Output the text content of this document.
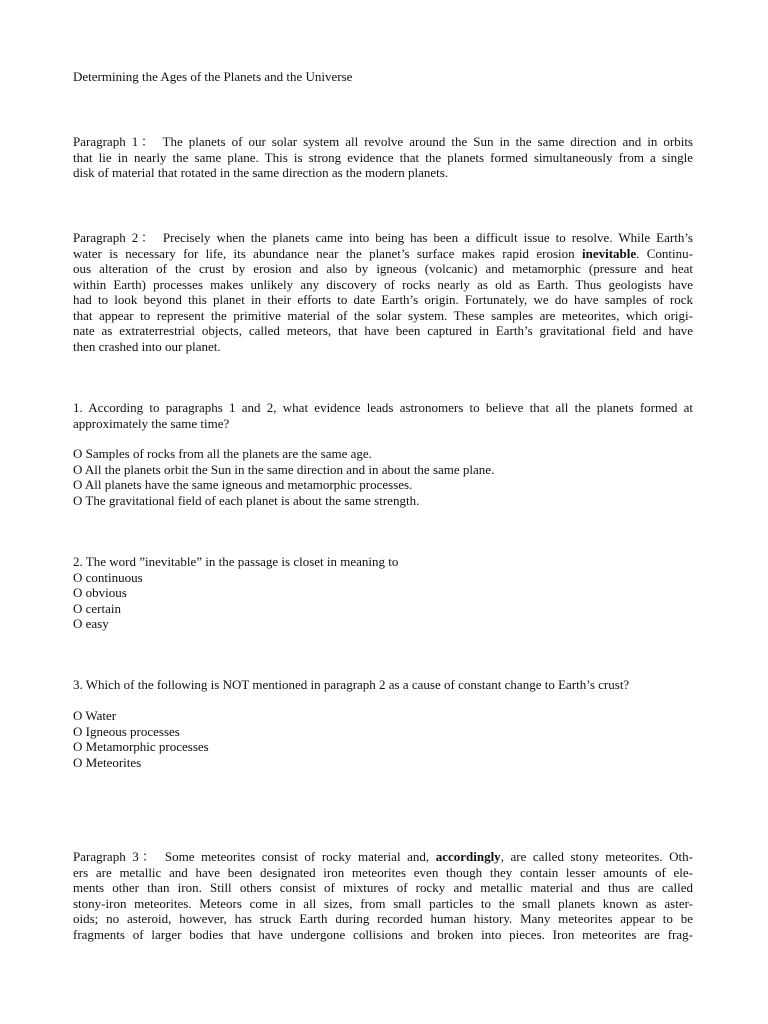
Determining the Ages of the Planets and the Universe
Paragraph 1： The planets of our solar system all revolve around the Sun in the same direction and in orbits
that lie in nearly the same plane. This is strong evidence that the planets formed simultaneously from a single
disk of material that rotated in the same direction as the modern planets.
Paragraph 2： Precisely when the planets came into being has been a difficult issue to resolve. While Earth’s
water is necessary for life, its abundance near the planet’s surface makes rapid erosion inevitable. Continu-
ous alteration of the crust by erosion and also by igneous (volcanic) and metamorphic (pressure and heat
within Earth) processes makes unlikely any discovery of rocks nearly as old as Earth. Thus geologists have
had to look beyond this planet in their efforts to date Earth’s origin. Fortunately, we do have samples of rock
that appear to represent the primitive material of the solar system. These samples are meteorites, which origi-
nate as extraterrestrial objects, called meteors, that have been captured in Earth’s gravitational field and have
then crashed into our planet.
1. According to paragraphs 1 and 2, what evidence leads astronomers to believe that all the planets formed at
approximately the same time?
O Samples of rocks from all the planets are the same age.
O All the planets orbit the Sun in the same direction and in about the same plane.
O All planets have the same igneous and metamorphic processes.
O The gravitational field of each planet is about the same strength.
2. The word ”inevitable” in the passage is closet in meaning to
O continuous
O obvious
O certain
O easy
3. Which of the following is NOT mentioned in paragraph 2 as a cause of constant change to Earth’s crust?
O Water
O Igneous processes
O Metamorphic processes
O Meteorites
Paragraph 3： Some meteorites consist of rocky material and, accordingly, are called stony meteorites. Oth-
ers are metallic and have been designated iron meteorites even though they contain lesser amounts of ele-
ments other than iron. Still others consist of mixtures of rocky and metallic material and thus are called
stony-iron meteorites. Meteors come in all sizes, from small particles to the small planets known as aster-
oids; no asteroid, however, has struck Earth during recorded human history. Many meteorites appear to be
fragments of larger bodies that have undergone collisions and broken into pieces. Iron meteorites are frag-
